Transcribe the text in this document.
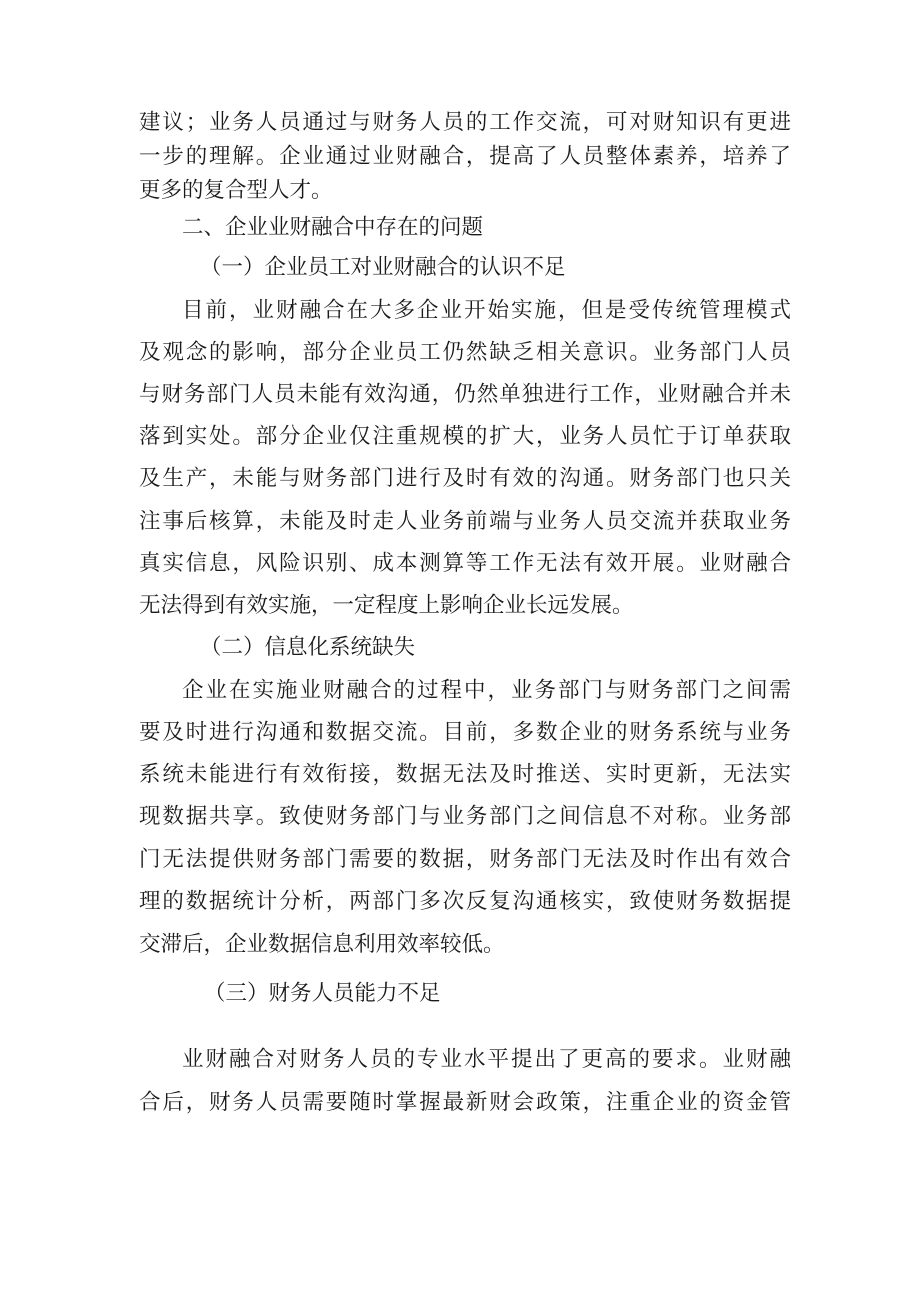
建议；业务人员通过与财务人员的工作交流，可对财知识有更进
一步的理解。企业通过业财融合，提高了人员整体素养，培养了
更多的复合型人才。
二、企业业财融合中存在的问题
（一）企业员工对业财融合的认识不足
目前，业财融合在大多企业开始实施，但是受传统管理模式
及观念的影响，部分企业员工仍然缺乏相关意识。业务部门人员
与财务部门人员未能有效沟通，仍然单独进行工作，业财融合并未
落到实处。部分企业仅注重规模的扩大，业务人员忙于订单获取
及生产，未能与财务部门进行及时有效的沟通。财务部门也只关
注事后核算，未能及时走人业务前端与业务人员交流并获取业务
真实信息，风险识别、成本测算等工作无法有效开展。业财融合
无法得到有效实施，一定程度上影响企业长远发展。
（二）信息化系统缺失
企业在实施业财融合的过程中，业务部门与财务部门之间需
要及时进行沟通和数据交流。目前，多数企业的财务系统与业务
系统未能进行有效衔接，数据无法及时推送、实时更新，无法实
现数据共享。致使财务部门与业务部门之间信息不对称。业务部
门无法提供财务部门需要的数据，财务部门无法及时作出有效合
理的数据统计分析，两部门多次反复沟通核实，致使财务数据提
交滞后，企业数据信息利用效率较低。
（三）财务人员能力不足
业财融合对财务人员的专业水平提出了更高的要求。业财融
合后，财务人员需要随时掌握最新财会政策，注重企业的资金管
